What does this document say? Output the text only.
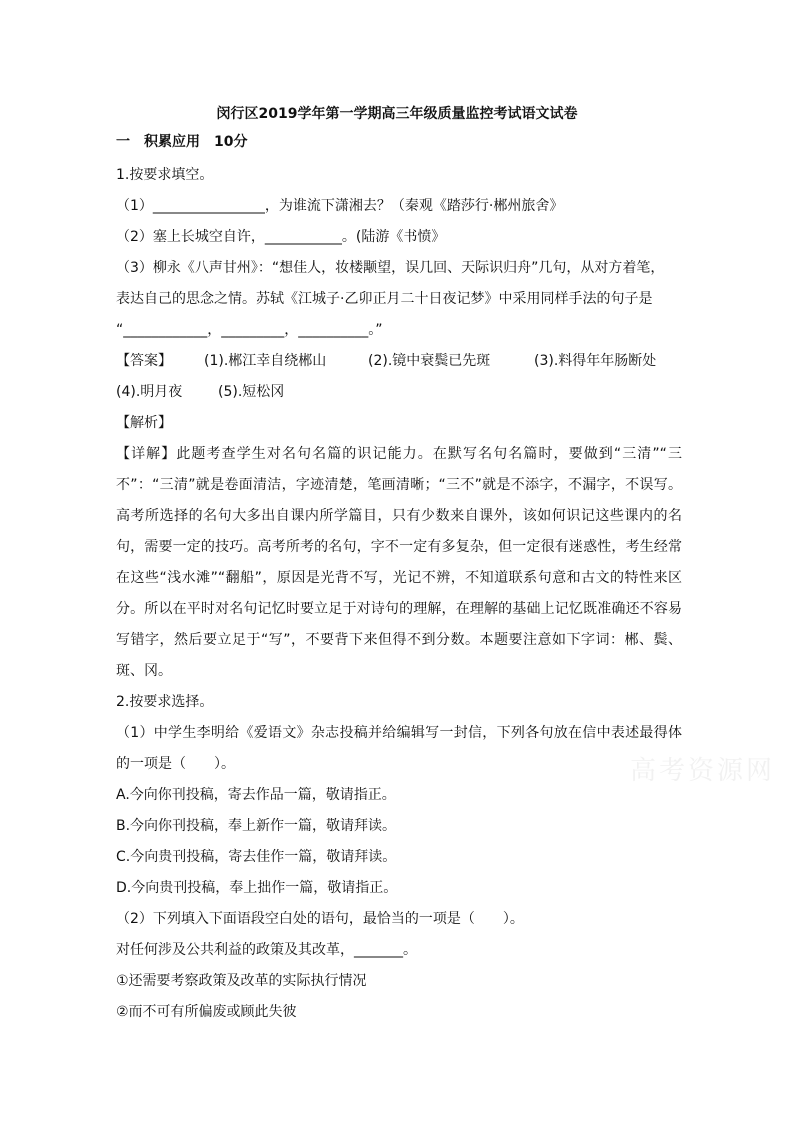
闵行区2019学年第一学期高三年级质量监控考试语文试卷
一　积累应用　10分

1.按要求填空。

（1）________________，为谁流下潇湘去？（秦观《踏莎行·郴州旅舍》

（2）塞上长城空自许，___________。(陆游《书愤》

（3）柳永《八声甘州》：“想佳人，妆楼颙望，误几回、天际识归舟”几句，从对方着笔，

表达自己的思念之情。苏轼《江城子·乙卯正月二十日夜记梦》中采用同样手法的句子是

“____________，_________，__________。”

【答案】	(1).郴江幸自绕郴山	(2).镜中衰鬓已先斑	(3).料得年年肠断处
(4).明月夜	(5).短松冈

【解析】

【详解】此题考查学生对名句名篇的识记能力。在默写名句名篇时，要做到“三清”“三不”：“三清”就是卷面清洁，字迹清楚，笔画清晰；“三不”就是不添字，不漏字，不误写。高考所选择的名句大多出自课内所学篇目，只有少数来自课外，该如何识记这些课内的名句，需要一定的技巧。高考所考的名句，字不一定有多复杂，但一定很有迷惑性，考生经常在这些“浅水滩”“翻船”，原因是光背不写，光记不辨，不知道联系句意和古文的特性来区分。所以在平时对名句记忆时要立足于对诗句的理解，在理解的基础上记忆既准确还不容易写错字，然后要立足于“写”，不要背下来但得不到分数。本题要注意如下字词：郴、鬓、斑、冈。

2.按要求选择。

（1）中学生李明给《爱语文》杂志投稿并给编辑写一封信，下列各句放在信中表述最得体的一项是（　　）。

A.今向你刊投稿，寄去作品一篇，敬请指正。

B.今向你刊投稿，奉上新作一篇，敬请拜读。

C.今向贵刊投稿，寄去佳作一篇，敬请拜读。

D.今向贵刊投稿，奉上拙作一篇，敬请指正。

（2）下列填入下面语段空白处的语句，最恰当的一项是（　　）。

对任何涉及公共利益的政策及其改革，_______。

①还需要考察政策及改革的实际执行情况

②而不可有所偏废或顾此失彼

高考资源网
